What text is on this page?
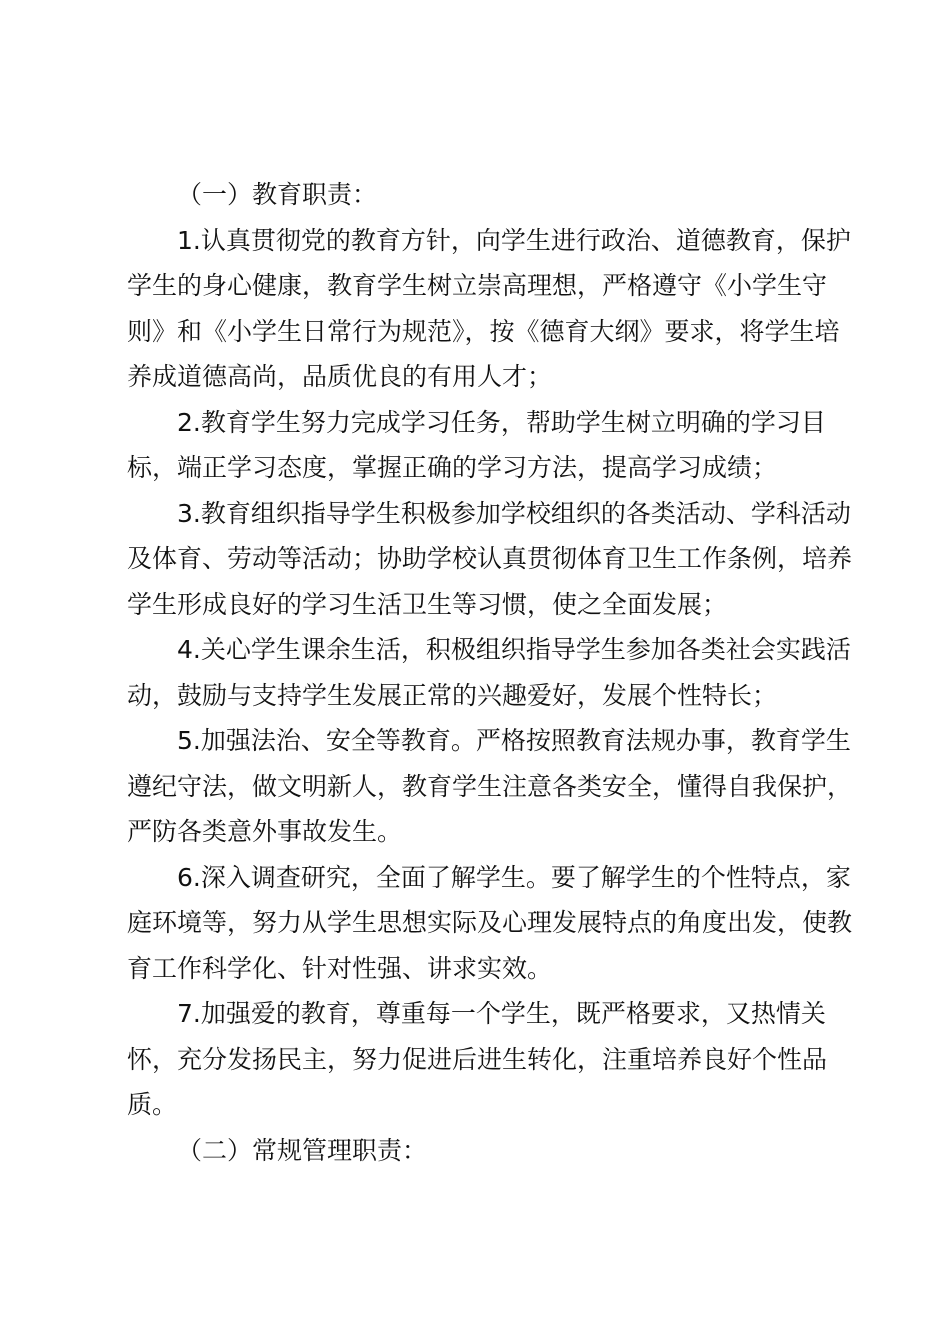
（一）教育职责：

1.认真贯彻党的教育方针，向学生进行政治、道德教育，保护学生的身心健康，教育学生树立崇高理想，严格遵守《小学生守则》和《小学生日常行为规范》，按《德育大纲》要求，将学生培养成道德高尚，品质优良的有用人才；

2.教育学生努力完成学习任务，帮助学生树立明确的学习目标，端正学习态度，掌握正确的学习方法，提高学习成绩；

3.教育组织指导学生积极参加学校组织的各类活动、学科活动及体育、劳动等活动；协助学校认真贯彻体育卫生工作条例，培养学生形成良好的学习生活卫生等习惯，使之全面发展；

4.关心学生课余生活，积极组织指导学生参加各类社会实践活动，鼓励与支持学生发展正常的兴趣爱好，发展个性特长；

5.加强法治、安全等教育。严格按照教育法规办事，教育学生遵纪守法，做文明新人，教育学生注意各类安全，懂得自我保护，严防各类意外事故发生。

6.深入调查研究，全面了解学生。要了解学生的个性特点，家庭环境等，努力从学生思想实际及心理发展特点的角度出发，使教育工作科学化、针对性强、讲求实效。

7.加强爱的教育，尊重每一个学生，既严格要求，又热情关怀，充分发扬民主，努力促进后进生转化，注重培养良好个性品质。

（二）常规管理职责：
